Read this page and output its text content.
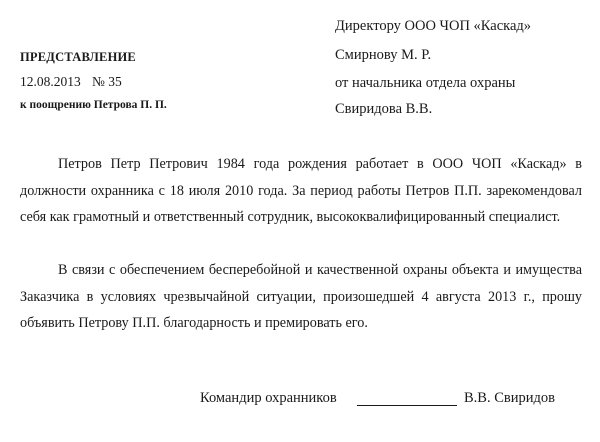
Директору ООО ЧОП «Каскад»
Смирнову М. Р.
от начальника отдела охраны
Свиридова В.В.
ПРЕДСТАВЛЕНИЕ
12.08.2013 № 35
к поощрению Петрова П. П.

Петров Петр Петрович 1984 года рождения работает в ООО ЧОП «Каскад» в должности охранника с 18 июля 2010 года. За период работы Петров П.П. зарекомендовал себя как грамотный и ответственный сотрудник, высококвалифицированный специалист.

В связи с обеспечением бесперебойной и качественной охраны объекта и имущества Заказчика в условиях чрезвычайной ситуации, произошедшей 4 августа 2013 г., прошу объявить Петрову П.П. благодарность и премировать его.

Командир охранников	В.В. Свиридов
